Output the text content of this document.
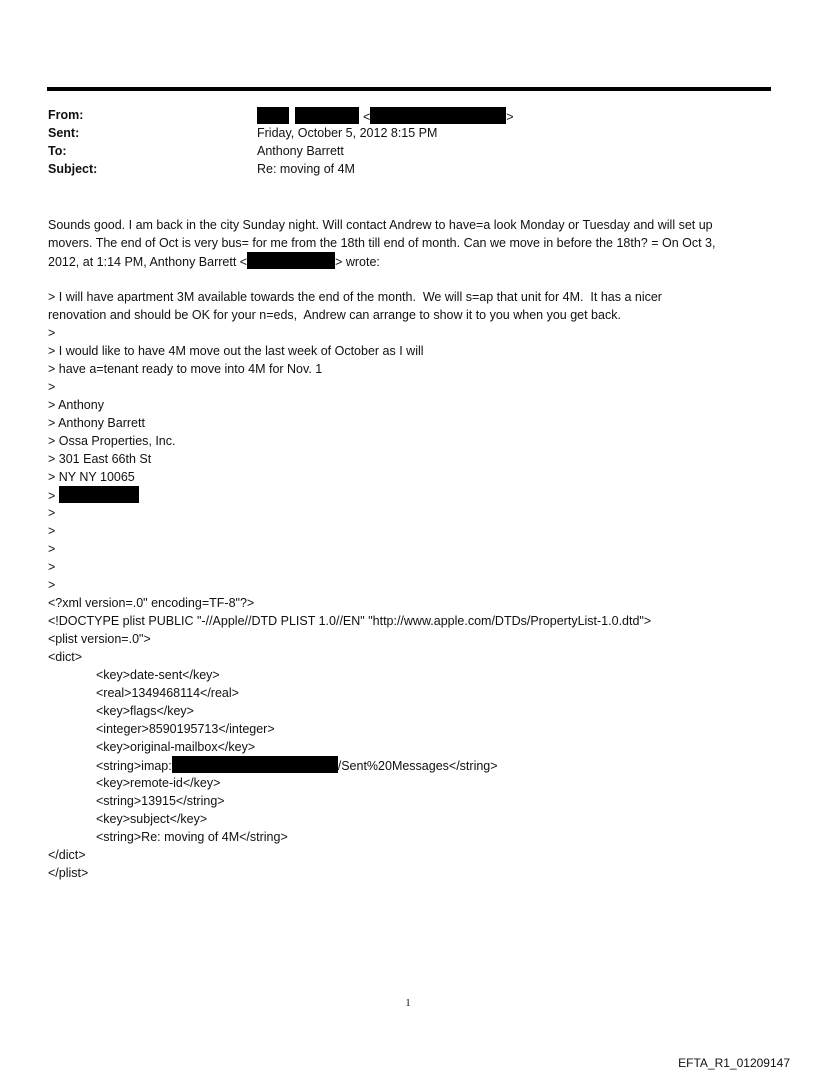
From:	<	>
Sent:	Friday, October 5, 2012 8:15 PM
To:	Anthony Barrett
Subject:	Re: moving of 4M
Sounds good. I am back in the city Sunday night. Will contact Andrew to have=a look Monday or Tuesday and will set up
movers. The end of Oct is very bus= for me from the 18th till end of month. Can we move in before the 18th? = On Oct 3,
2012, at 1:14 PM, Anthony Barrett <	> wrote:
> I will have apartment 3M available towards the end of the month.  We will s=ap that unit for 4M.  It has a nicer
renovation and should be OK for your n=eds,  Andrew can arrange to show it to you when you get back.
>
> I would like to have 4M move out the last week of October as I will
> have a=tenant ready to move into 4M for Nov. 1
>
> Anthony
> Anthony Barrett
> Ossa Properties, Inc.
> 301 East 66th St
> NY NY 10065
>
>
>
>
>
>
<?xml version=.0" encoding=TF-8"?>
<!DOCTYPE plist PUBLIC "-//Apple//DTD PLIST 1.0//EN" "http://www.apple.com/DTDs/PropertyList-1.0.dtd">
<plist version=.0">
<dict>
<key>date-sent</key>
<real>1349468114</real>
<key>flags</key>
<integer>8590195713</integer>
<key>original-mailbox</key>
<string>imap:	/Sent%20Messages</string>
<key>remote-id</key>
<string>13915</string>
<key>subject</key>
<string>Re: moving of 4M</string>
</dict>
</plist>
1
EFTA_R1_01209147
